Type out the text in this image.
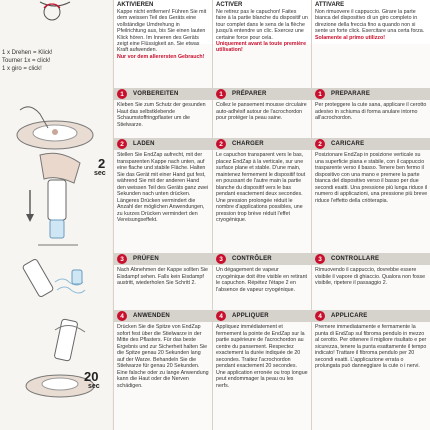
1 x Drehen = Klick!
Tourner 1x = click!
1 x giro = click!
2
sec
20
sec
AKTIVIEREN
Kappe nicht entfernen! Führen Sie mit dem weissen Teil des Geräts eine vollständige Umdrehung in Pfeilrichtung aus, bis Sie einen lauten Klick hören. Im Inneren des Geräts zeigt eine Flüssigkeit an. Sie etwas Kraft aufwenden.
Nur vor dem allerersten Gebrauch!
1	VORBEREITEN
Kleben Sie zum Schutz der gesunden Haut das selbstklebende Schaumstoffringpflaster um die Stielwarze.
2	LADEN
Stellen Sie EndZap aufrecht, mit der transparenten Kappe nach unten, auf eine flache und stabile Fläche. Halten Sie das Gerät mit einer Hand gut fest, während Sie mit der anderen Hand den weissen Teil des Geräts ganz zwei Sekunden nach unten drücken. Längeres Drücken vermindert die Anzahl der möglichen Anwendungen, zu kurzes Drücken vermindert den Vereisungseffekt.
3	PRÜFEN
Nach Abnehmen der Kappe sollten Sie Eisdampf sehen. Falls kein Eisdampf austritt, wiederholen Sie Schritt 2.
4	ANWENDEN
Drücken Sie die Spitze von EndZap sofort fest über die Stielwarze in der Mitte des Pflasters. Für das beste Ergebnis und zur Sicherheit halten Sie die Spitze genau 20 Sekunden lang auf der Warze. Behandeln Sie die Stielwarze für genau 20 Sekunden. Eine falsche oder zu lange Anwendung kann die Haut oder die Nerven schädigen.
ACTIVER
Ne retirez pas le capuchon! Faites faire à la partie blanche du dispositif un tour complet dans le sens de la flèche jusqu'à entendre un clic. Exercez une certaine force pour cela.
Uniquement avant la toute première utilisation!
1	PRÉPARER
Collez le pansement mousse circulaire auto-adhésif autour de l'acrochordon pour protéger la peau saine.
2	CHARGER
Le capuchon transparent vers le bas, placez EndZap à la verticale, sur une surface plane et stable. D'une main, maintenez fermement le dispositif tout en poussant de l'autre main la partie blanche du dispositif vers le bas pendant exactement deux secondes. Une pression prolongée réduit le nombre d'applications possibles, une pression trop brève réduit l'effet cryogénique.
3	CONTRÔLER
Un dégagement de vapeur cryogénique doit être visible en retirant le capuchon. Répétez l'étape 2 en l'absence de vapeur cryogénique.
4	APPLIQUER
Appliquez immédiatement et fermement la pointe de EndZap sur la partie supérieure de l'acrochordon au centre du pansement. Respectez exactement la durée indiquée de 20 secondes. Traitez l'acrochordon pendant exactement 20 secondes. Une application erronée ou trop longue peut endommager la peau ou les nerfs.
ATTIVARE
Non rimuovere il cappuccio. Girare la parte bianca del dispositivo di un giro completo in direzione della freccia fino a quando non si sente un forte click. Esercitare una certa forza.
Solamente al primo utilizzo!
1	PREPARARE
Per proteggere la cute sana, applicare il cerotto adesivo in schiuma di forma anulare intorno all'acrochordon.
2	CARICARE
Posizionare EndZap in posizione verticale su una superficie piana e stabile, con il cappuccio trasparente verso il basso. Tenere ben fermo il dispositivo con una mano e premere la parte bianca del dispositivo verso il basso per due secondi esatti. Una pressione più lunga riduce il numero di applicazioni, una pressione più breve riduce l'effetto della criòterapia.
3	CONTROLLARE
Rimuovendo il cappuccio, dovrebbe essere visibile il vapore di ghiaccio. Qualora non fosse visibile, ripetere il passaggio 2.
4	APPLICARE
Premere immediatamente e fermamente la punta di EndZap sul fibroma pendulo in mezzo al cerotto. Per ottenere il migliore risultato e per sicurezza, tenere la punta esattamente il tempo indicato! Trattare il fibroma pendulo per 20 secondi esatti. L'applicazione errata o prolungata può danneggiare la cute o i nervi.
